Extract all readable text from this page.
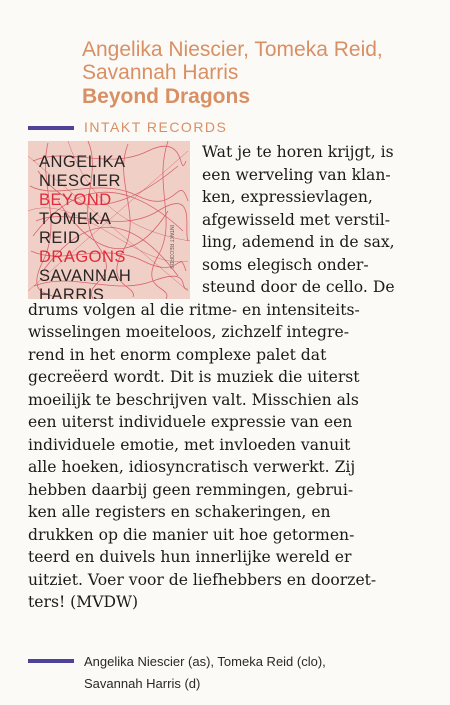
Angelika Niescier, Tomeka Reid, Savannah Harris

Beyond Dragons

INTAKT RECORDS
ANGELIKA
NIESCIER
BEYOND
TOMEKA
REID
DRAGONS
SAVANNAH
HARRIS
INTAKT RECORDS
Wat je te horen krijgt, is
een werveling van klan-
ken, expressievlagen,
afgewisseld met verstil-
ling, ademend in de sax,
soms elegisch onder-
steund door de cello. De
drums volgen al die ritme- en intensiteits-
wisselingen moeiteloos, zichzelf integre-
rend in het enorm complexe palet dat
gecreëerd wordt. Dit is muziek die uiterst
moeilijk te beschrijven valt. Misschien als
een uiterst individuele expressie van een
individuele emotie, met invloeden vanuit
alle hoeken, idiosyncratisch verwerkt. Zij
hebben daarbij geen remmingen, gebrui-
ken alle registers en schakeringen, en
drukken op die manier uit hoe getormen-
teerd en duivels hun innerlijke wereld er
uitziet. Voer voor de liefhebbers en doorzet-
ters! (MVDW)
Angelika Niescier (as), Tomeka Reid (clo),
Savannah Harris (d)
